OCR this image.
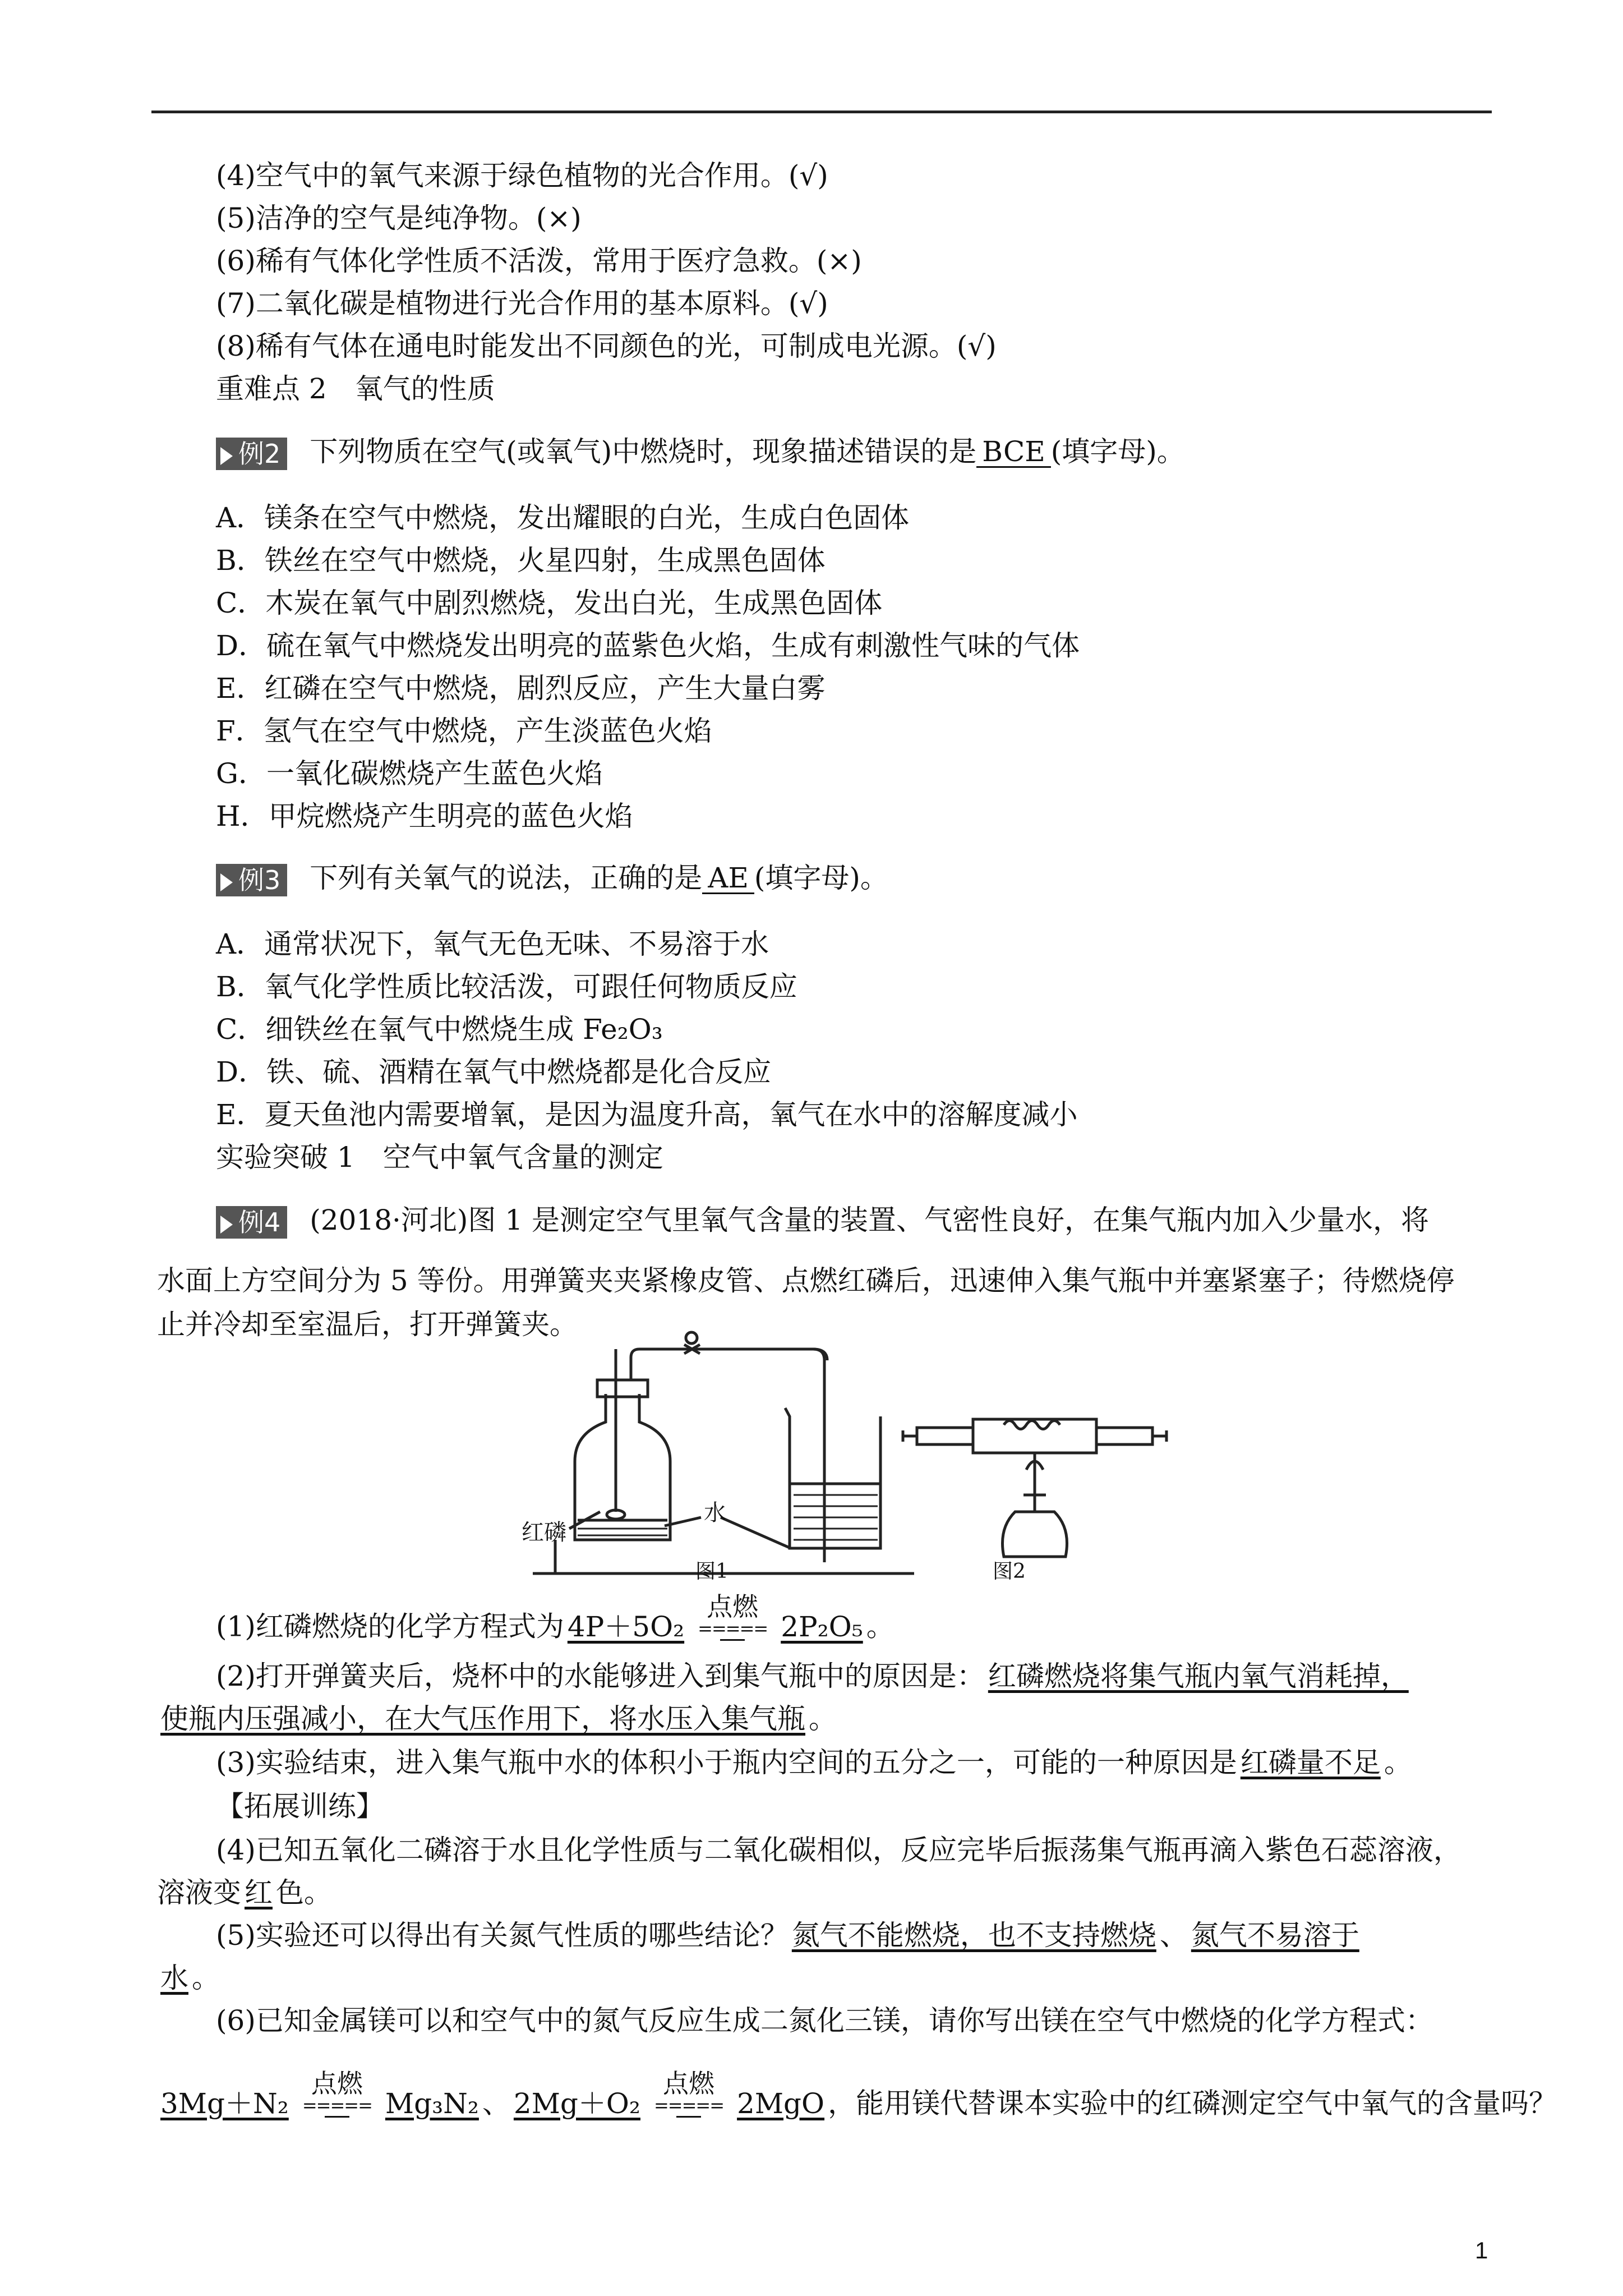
(4)空气中的氧气来源于绿色植物的光合作用。(√)
(5)洁净的空气是纯净物。(×)
(6)稀有气体化学性质不活泼，常用于医疗急救。(×)
(7)二氧化碳是植物进行光合作用的基本原料。(√)
(8)稀有气体在通电时能发出不同颜色的光，可制成电光源。(√)
重难点 2　氧气的性质
例2 下列物质在空气(或氧气)中燃烧时，现象描述错误的是 BCE (填字母)。
A．镁条在空气中燃烧，发出耀眼的白光，生成白色固体
B．铁丝在空气中燃烧，火星四射，生成黑色固体
C．木炭在氧气中剧烈燃烧，发出白光，生成黑色固体
D．硫在氧气中燃烧发出明亮的蓝紫色火焰，生成有刺激性气味的气体
E．红磷在空气中燃烧，剧烈反应，产生大量白雾
F．氢气在空气中燃烧，产生淡蓝色火焰
G．一氧化碳燃烧产生蓝色火焰
H．甲烷燃烧产生明亮的蓝色火焰
例3 下列有关氧气的说法，正确的是 AE (填字母)。
A．通常状况下，氧气无色无味、不易溶于水
B．氧气化学性质比较活泼，可跟任何物质反应
C．细铁丝在氧气中燃烧生成 Fe₂O₃
D．铁、硫、酒精在氧气中燃烧都是化合反应
E．夏天鱼池内需要增氧，是因为温度升高，氧气在水中的溶解度减小
实验突破 1　空气中氧气含量的测定
例4 (2018·河北)图 1 是测定空气里氧气含量的装置、气密性良好，在集气瓶内加入少量水，将
水面上方空间分为 5 等份。用弹簧夹夹紧橡皮管、点燃红磷后，迅速伸入集气瓶中并塞紧塞子；待燃烧停
止并冷却至室温后，打开弹簧夹。
红磷
水
图1	图2
(1)红磷燃烧的化学方程式为 4P＋5O₂
点燃
===== 2P₂O₅ 。
(2)打开弹簧夹后，烧杯中的水能够进入到集气瓶中的原因是： 红磷燃烧将集气瓶内氧气消耗掉，
使瓶内压强减小，在大气压作用下，将水压入集气瓶 。
(3)实验结束，进入集气瓶中水的体积小于瓶内空间的五分之一，可能的一种原因是 红磷量不足 。
【拓展训练】
(4)已知五氧化二磷溶于水且化学性质与二氧化碳相似，反应完毕后振荡集气瓶再滴入紫色石蕊溶液，
溶液变 红 色。
(5)实验还可以得出有关氮气性质的哪些结论？ 氮气不能燃烧，也不支持燃烧 、 氮气不易溶于
水 。
(6)已知金属镁可以和空气中的氮气反应生成二氮化三镁，请你写出镁在空气中燃烧的化学方程式：
3Mg＋N₂
点燃
===== Mg₃N₂ 、 2Mg＋O₂
点燃
===== 2MgO ，能用镁代替课本实验中的红磷测定空气中氧气的含量吗？
1
